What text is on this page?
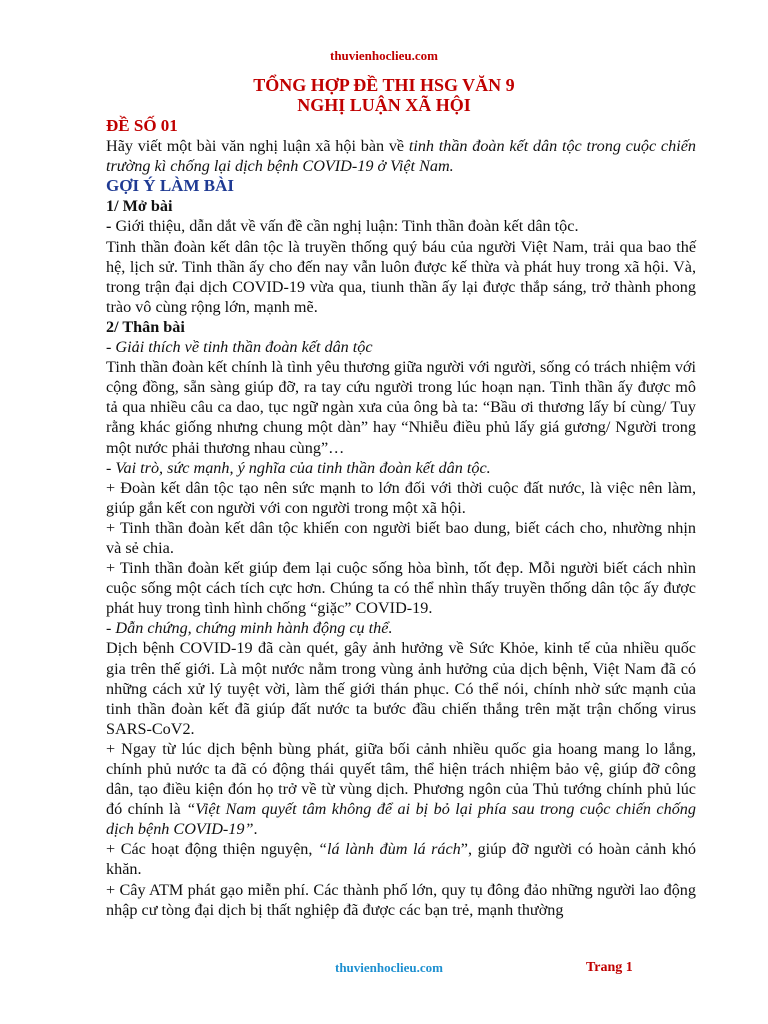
thuvienhoclieu.com
TỔNG HỢP ĐỀ THI HSG VĂN 9
NGHỊ LUẬN XÃ HỘI

ĐỀ SỐ 01

Hãy viết một bài văn nghị luận xã hội bàn về tinh thần đoàn kết dân tộc trong cuộc chiến trường kì chống lại dịch bệnh COVID-19 ở Việt Nam.

GỢI Ý LÀM BÀI

1/ Mở bài

- Giới thiệu, dẫn dắt về vấn đề cần nghị luận: Tinh thần đoàn kết dân tộc.

Tinh thần đoàn kết dân tộc là truyền thống quý báu của người Việt Nam, trải qua bao thế hệ, lịch sử. Tinh thần ấy cho đến nay vẫn luôn được kế thừa và phát huy trong xã hội. Và, trong trận đại dịch COVID-19 vừa qua, tiunh thần ấy lại được thắp sáng, trở thành phong trào vô cùng rộng lớn, mạnh mẽ.

2/ Thân bài

- Giải thích về tinh thần đoàn kết dân tộc

Tinh thần đoàn kết chính là tình yêu thương giữa người với người, sống có trách nhiệm với cộng đồng, sẵn sàng giúp đỡ, ra tay cứu người trong lúc hoạn nạn. Tinh thần ấy được mô tả qua nhiều câu ca dao, tục ngữ ngàn xưa của ông bà ta: “Bầu ơi thương lấy bí cùng/ Tuy rằng khác giống nhưng chung một dàn” hay “Nhiễu điều phủ lấy giá gương/ Người trong một nước phải thương nhau cùng”…

- Vai trò, sức mạnh, ý nghĩa của tinh thần đoàn kết dân tộc.

+ Đoàn kết dân tộc tạo nên sức mạnh to lớn đối với thời cuộc đất nước, là việc nên làm, giúp gắn kết con người với con người trong một xã hội.

+ Tinh thần đoàn kết dân tộc khiến con người biết bao dung, biết cách cho, nhường nhịn và sẻ chia.

+ Tinh thần đoàn kết giúp đem lại cuộc sống hòa bình, tốt đẹp. Mỗi người biết cách nhìn cuộc sống một cách tích cực hơn. Chúng ta có thể nhìn thấy truyền thống dân tộc ấy được phát huy trong tình hình chống “giặc” COVID-19.

- Dẫn chứng, chứng minh hành động cụ thể.

Dịch bệnh COVID-19 đã càn quét, gây ảnh hưởng về Sức Khỏe, kinh tế của nhiều quốc gia trên thế giới. Là một nước nằm trong vùng ảnh hưởng của dịch bệnh, Việt Nam đã có những cách xử lý tuyệt vời, làm thế giới thán phục. Có thể nói, chính nhờ sức mạnh của tinh thần đoàn kết đã giúp đất nước ta bước đầu chiến thắng trên mặt trận chống virus SARS-CoV2.

+ Ngay từ lúc dịch bệnh bùng phát, giữa bối cảnh nhiều quốc gia hoang mang lo lắng, chính phủ nước ta đã có động thái quyết tâm, thể hiện trách nhiệm bảo vệ, giúp đỡ công dân, tạo điều kiện đón họ trở về từ vùng dịch. Phương ngôn của Thủ tướng chính phủ lúc đó chính là “Việt Nam quyết tâm không để ai bị bỏ lại phía sau trong cuộc chiến chống dịch bệnh COVID-19”.

+ Các hoạt động thiện nguyện, “lá lành đùm lá rách”, giúp đỡ người có hoàn cảnh khó khăn.

+ Cây ATM phát gạo miễn phí. Các thành phố lớn, quy tụ đông đảo những người lao động nhập cư tòng đại dịch bị thất nghiệp đã được các bạn trẻ, mạnh thường

thuvienhoclieu.com	Trang 1
